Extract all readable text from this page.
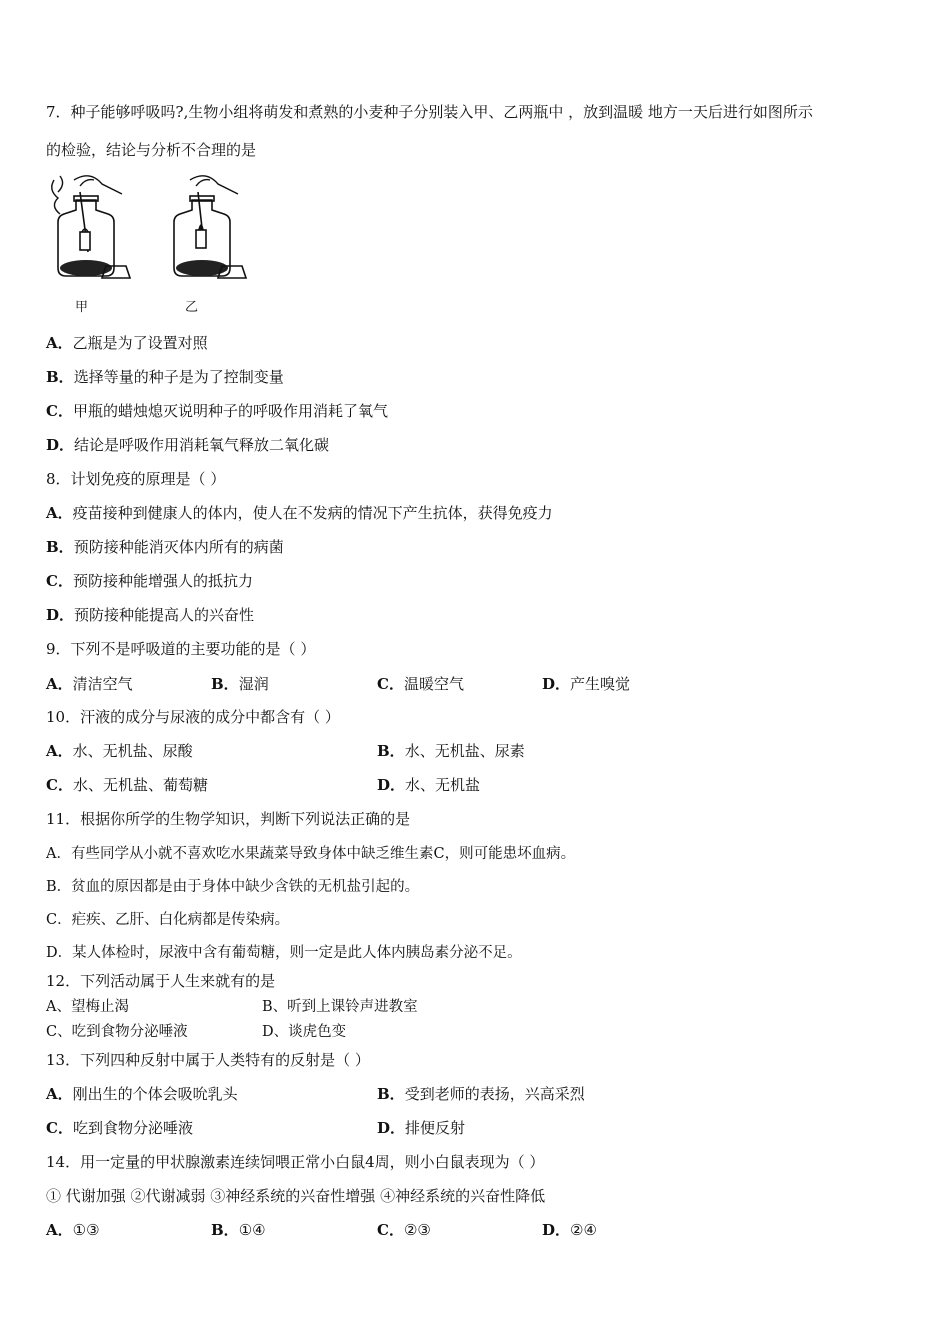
7．种子能够呼吸吗?,生物小组将萌发和煮熟的小麦种子分别装入甲、乙两瓶中 ，放到温暖 地方一天后进行如图所示
的检验，结论与分析不合理的是
甲	乙
A．乙瓶是为了设置对照
B．选择等量的种子是为了控制变量
C．甲瓶的蜡烛熄灭说明种子的呼吸作用消耗了氧气
D．结论是呼吸作用消耗氧气释放二氧化碳
8．计划免疫的原理是（ ）
A．疫苗接种到健康人的体内，使人在不发病的情况下产生抗体，获得免疫力
B．预防接种能消灭体内所有的病菌
C．预防接种能增强人的抵抗力
D．预防接种能提高人的兴奋性
9．下列不是呼吸道的主要功能的是（ ）
A．清洁空气	B．湿润	C．温暖空气	D．产生嗅觉
10．汗液的成分与尿液的成分中都含有（ ）
A．水、无机盐、尿酸	B．水、无机盐、尿素
C．水、无机盐、葡萄糖	D．水、无机盐
11．根据你所学的生物学知识，判断下列说法正确的是
A．有些同学从小就不喜欢吃水果蔬菜导致身体中缺乏维生素C，则可能患坏血病。
B．贫血的原因都是由于身体中缺少含铁的无机盐引起的。
C．疟疾、乙肝、白化病都是传染病。
D．某人体检时，尿液中含有葡萄糖，则一定是此人体内胰岛素分泌不足。
12．下列活动属于人生来就有的是
A、望梅止渴	B、听到上课铃声进教室
C、吃到食物分泌唾液	D、谈虎色变
13．下列四种反射中属于人类特有的反射是（ ）
A．刚出生的个体会吸吮乳头	B．受到老师的表扬，兴高采烈
C．吃到食物分泌唾液	D．排便反射
14．用一定量的甲状腺激素连续饲喂正常小白鼠4周，则小白鼠表现为（ ）
① 代谢加强 ②代谢减弱 ③神经系统的兴奋性增强 ④神经系统的兴奋性降低
A．①③	B．①④	C．②③	D．②④
